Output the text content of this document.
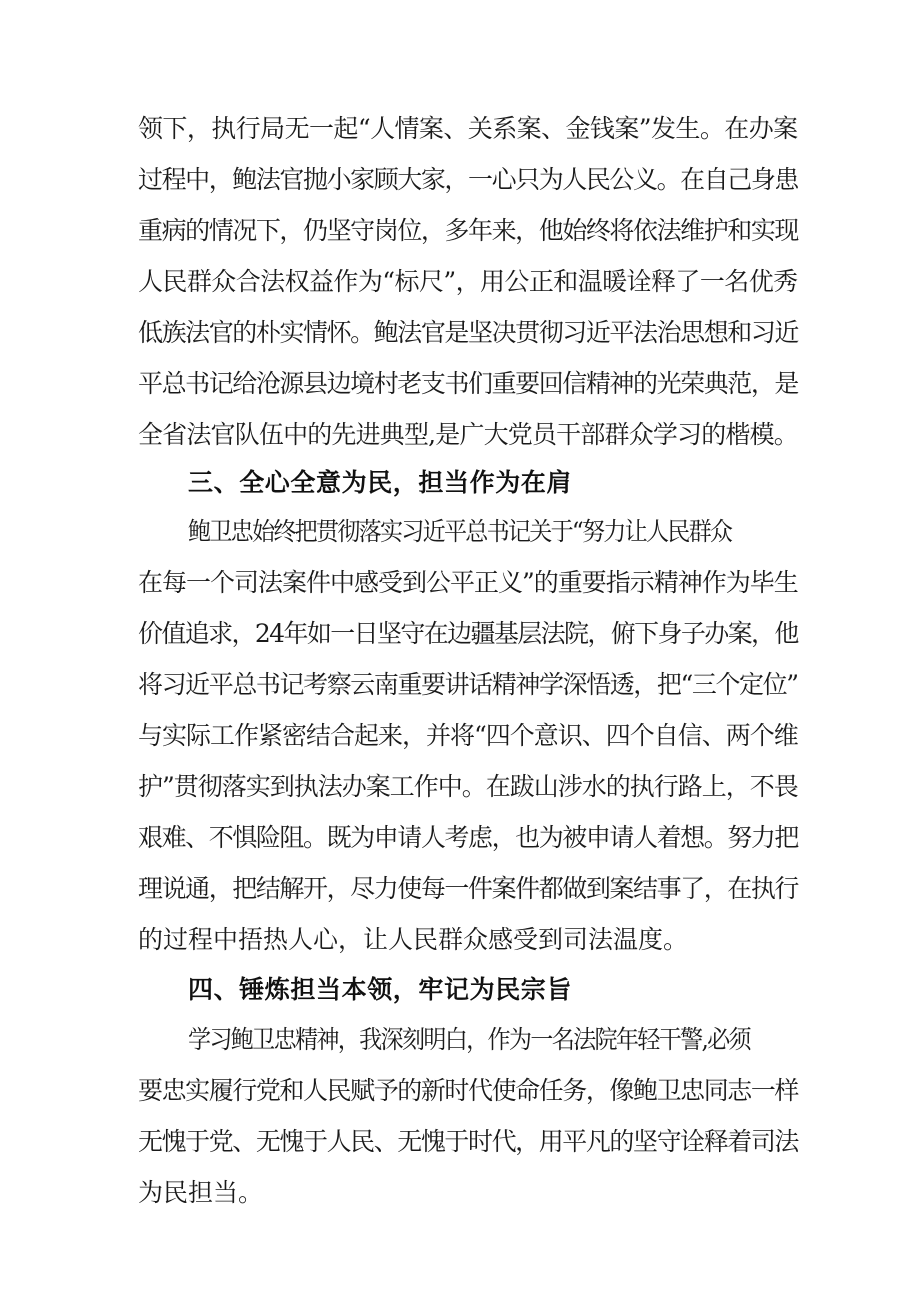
领下，执行局无一起“人情案、关系案、金钱案”发生。在办案
过程中，鲍法官抛小家顾大家，一心只为人民公义。在自己身患
重病的情况下，仍坚守岗位，多年来，他始终将依法维护和实现
人民群众合法权益作为“标尺”，用公正和温暖诠释了一名优秀
低族法官的朴实情怀。鲍法官是坚决贯彻习近平法治思想和习近
平总书记给沧源县边境村老支书们重要回信精神的光荣典范，是
全省法官队伍中的先进典型,是广大党员干部群众学习的楷模。
三、全心全意为民，担当作为在肩
鲍卫忠始终把贯彻落实习近平总书记关于“努力让人民群众
在每一个司法案件中感受到公平正义”的重要指示精神作为毕生
价值追求，24年如一日坚守在边疆基层法院，俯下身子办案，他
将习近平总书记考察云南重要讲话精神学深悟透，把“三个定位”
与实际工作紧密结合起来，并将“四个意识、四个自信、两个维
护”贯彻落实到执法办案工作中。在跋山涉水的执行路上，不畏
艰难、不惧险阻。既为申请人考虑，也为被申请人着想。努力把
理说通，把结解开，尽力使每一件案件都做到案结事了，在执行
的过程中捂热人心，让人民群众感受到司法温度。
四、锤炼担当本领，牢记为民宗旨
学习鲍卫忠精神，我深刻明白，作为一名法院年轻干警,必须
要忠实履行党和人民赋予的新时代使命任务，像鲍卫忠同志一样
无愧于党、无愧于人民、无愧于时代，用平凡的坚守诠释着司法
为民担当。
